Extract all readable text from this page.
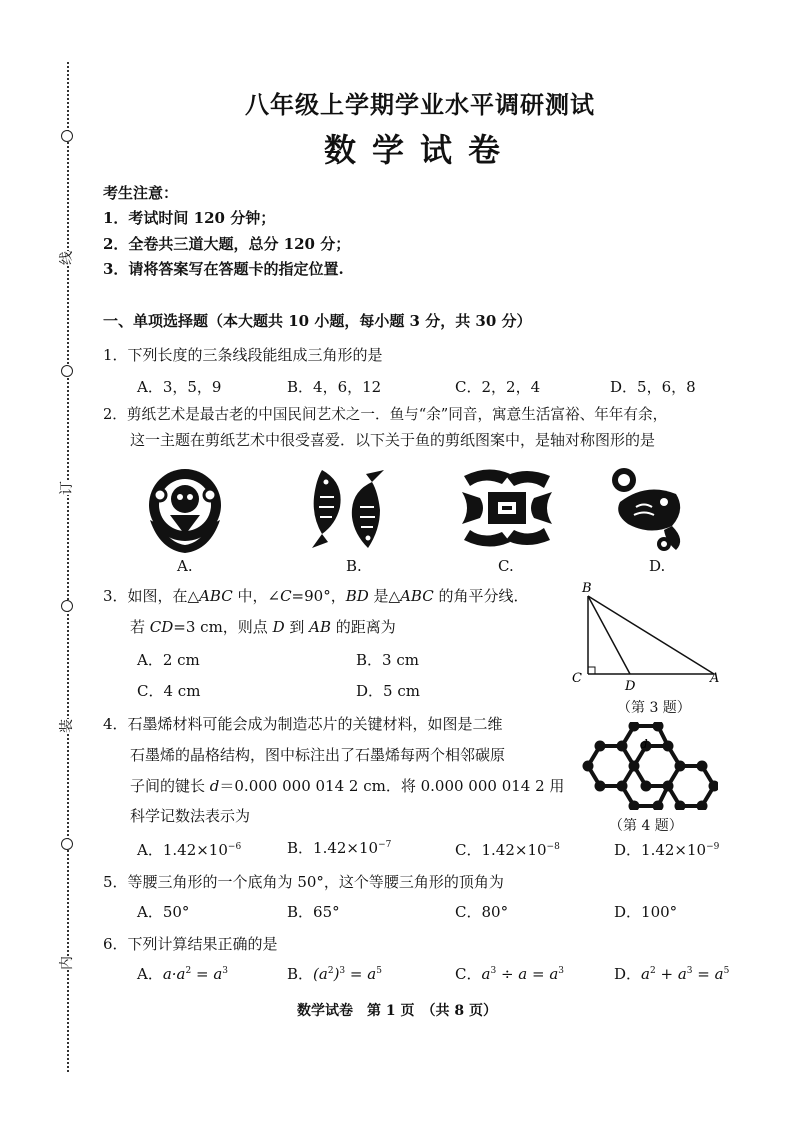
线
订
装
内
八年级上学期学业水平调研测试
数学试卷
考生注意：
1．考试时间 120 分钟；
2．全卷共三道大题，总分 120 分；
3．请将答案写在答题卡的指定位置.
一、单项选择题（本大题共 10 小题，每小题 3 分，共 30 分）
1．下列长度的三条线段能组成三角形的是
A．3，5，9	B．4，6，12	C．2，2，4	D．5，6，8
2．剪纸艺术是最古老的中国民间艺术之一．鱼与“余”同音，寓意生活富裕、年年有余，
这一主题在剪纸艺术中很受喜爱．以下关于鱼的剪纸图案中，是轴对称图形的是
A.	B.	C.	D.
3．如图，在△ABC 中，∠C=90°，BD 是△ABC 的角平分线．
若 CD=3 cm，则点 D 到 AB 的距离为
A．2 cm	B．3 cm
C．4 cm	D．5 cm
B
C
D
A
（第 3 题）
4．石墨烯材料可能会成为制造芯片的关键材料，如图是二维
石墨烯的晶格结构，图中标注出了石墨烯每两个相邻碳原
子间的键长 d＝0.000 000 014 2 cm．将 0.000 000 014 2 用
科学记数法表示为
A．$1.42\times 10^{-6}$	B．$1.42\times 10^{-7}$	C．$1.42\times 10^{-8}$	D．$1.42\times 10^{-9}$
d
（第 4 题）
5．等腰三角形的一个底角为 50°，这个等腰三角形的顶角为
A．50°	B．65°	C．80°	D．100°
6．下列计算结果正确的是
A．$a\cdot a^2 = a^3$	B．$(a^2)^3 = a^5$	C．$a^3 \div a = a^3$	D．$a^2 + a^3 = a^5$
数学试卷　第 1 页　（共 8 页）
